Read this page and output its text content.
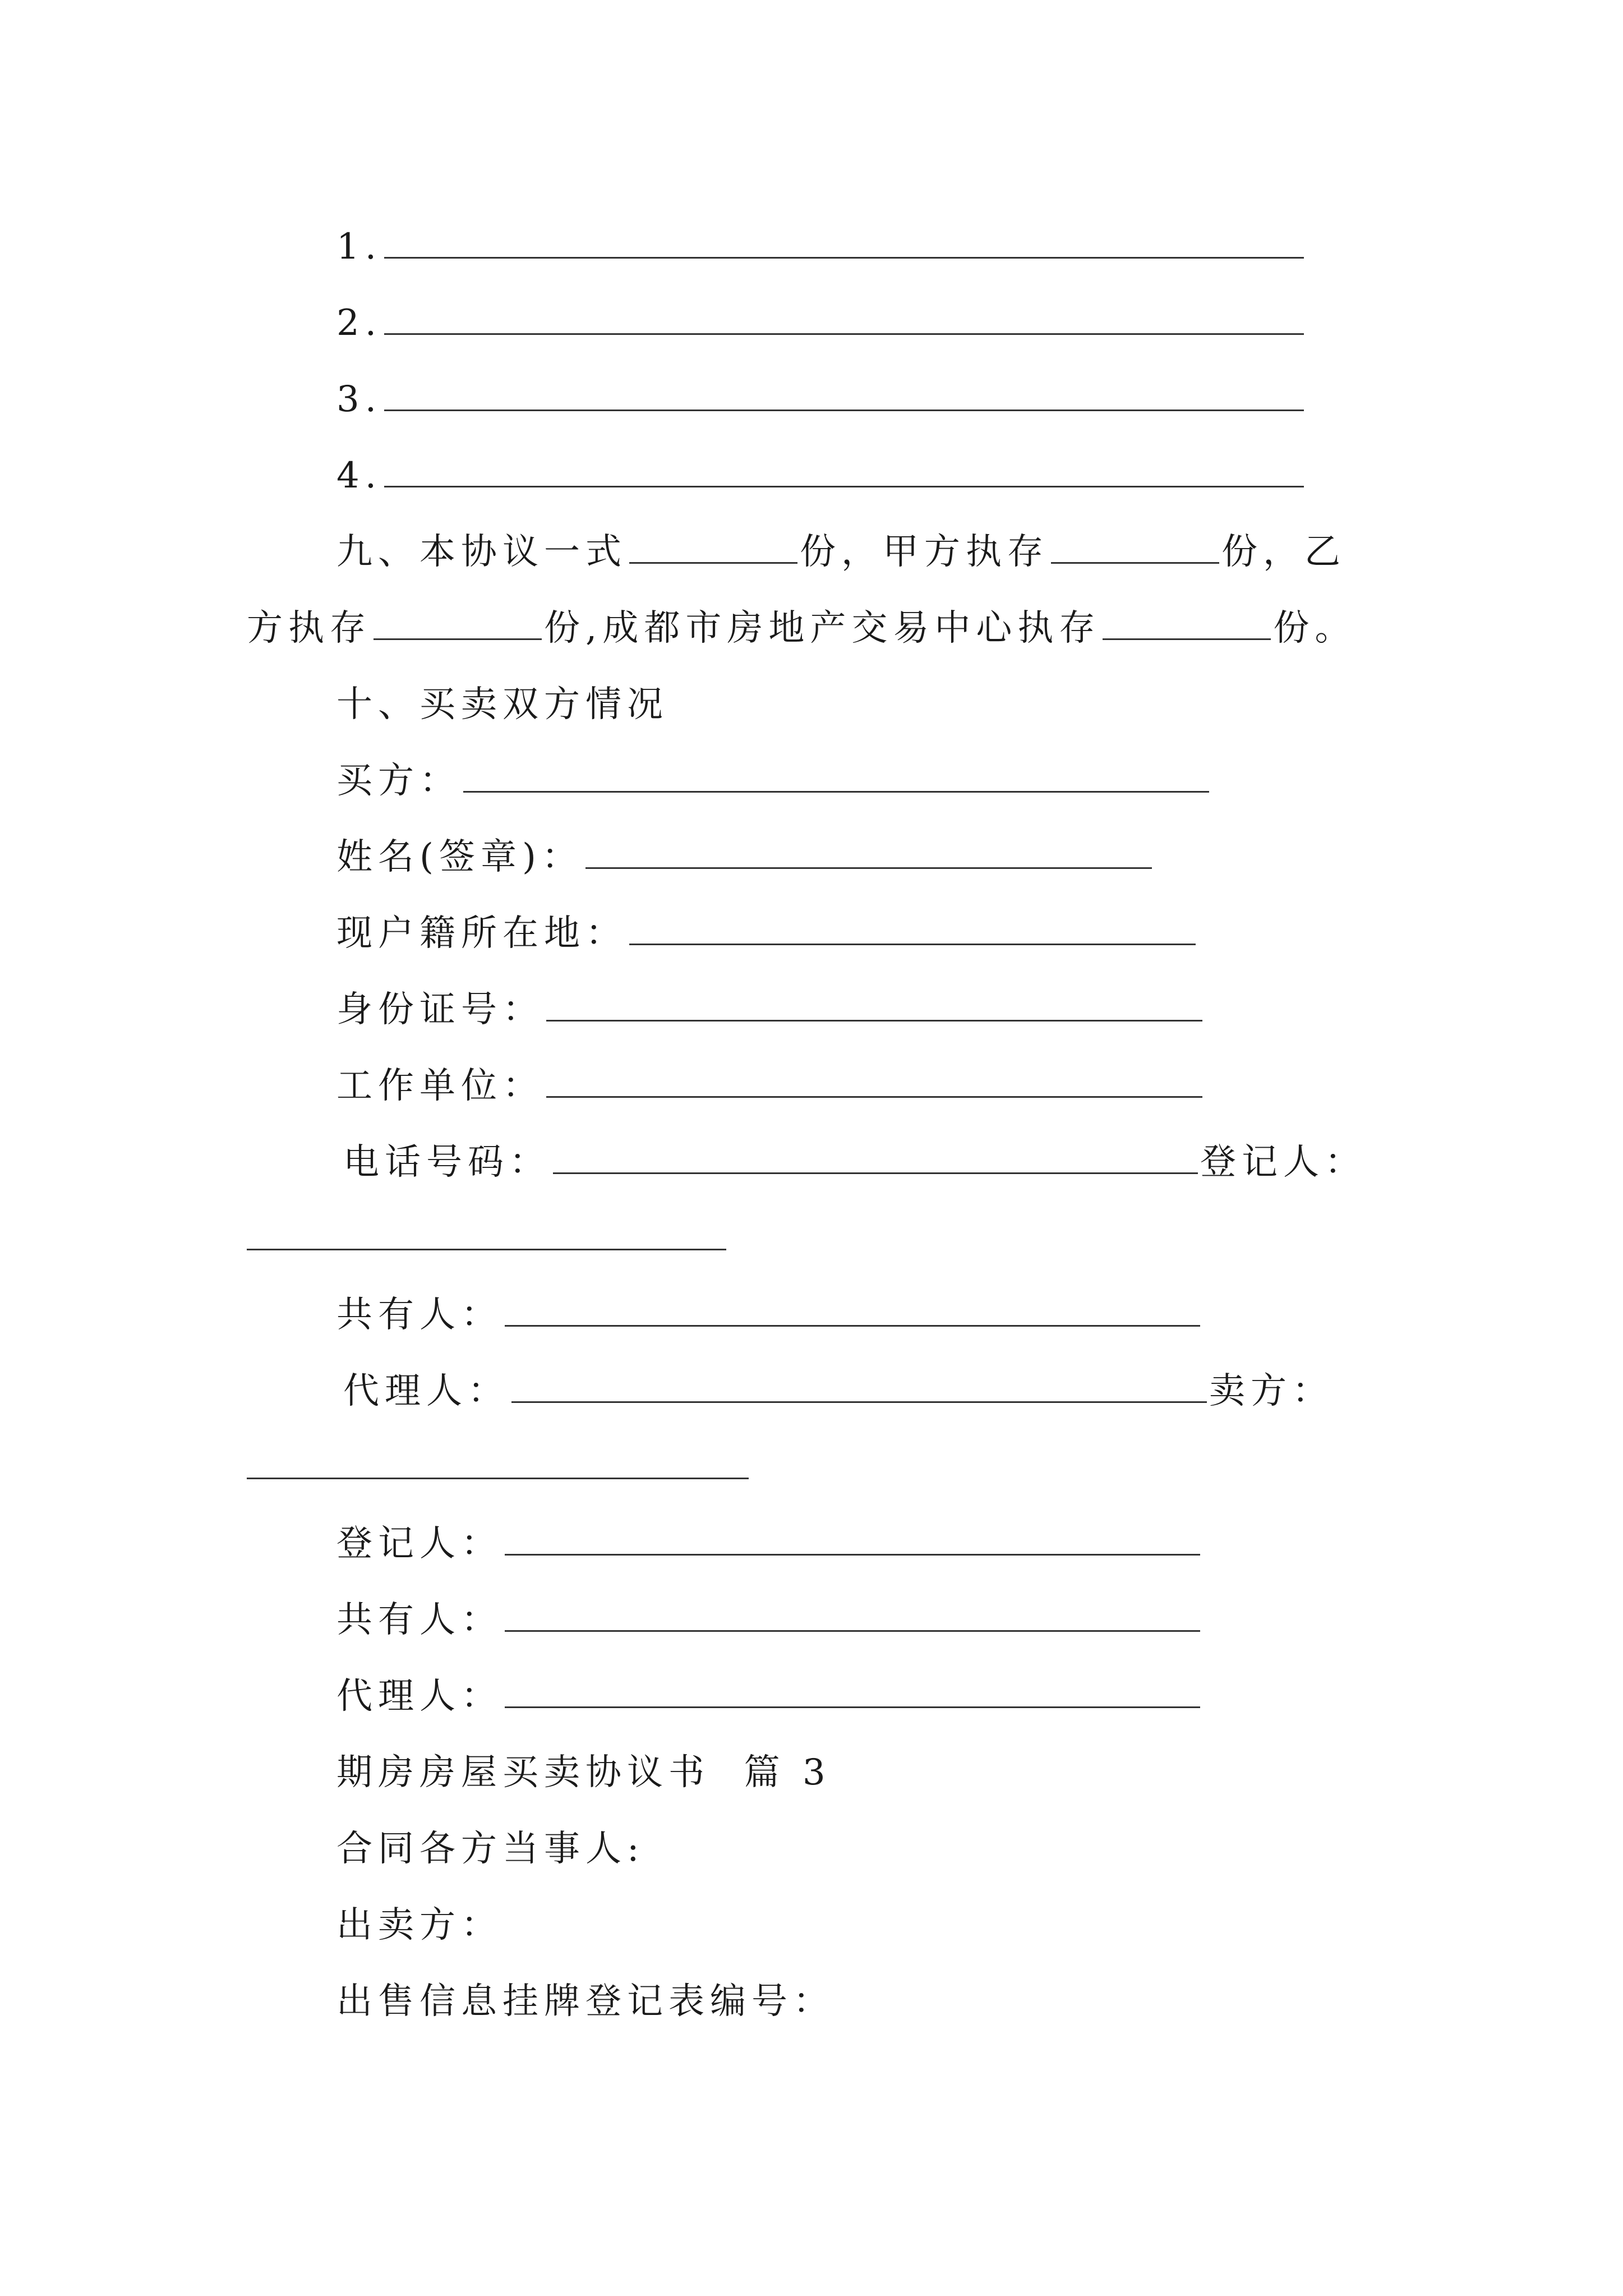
1.
2.
3.
4.
九、本协议一式	份，甲方执存	份，乙
方执存	份,成都市房地产交易中心执存	份。
十、买卖双方情况
买方：
姓名(签章)：
现户籍所在地：
身份证号：
工作单位：
电话号码：	登记人：
共有人：
代理人：	卖方：
登记人：
共有人：
代理人：
期房房屋买卖协议书  篇 3
合同各方当事人:
出卖方：
出售信息挂牌登记表编号：
